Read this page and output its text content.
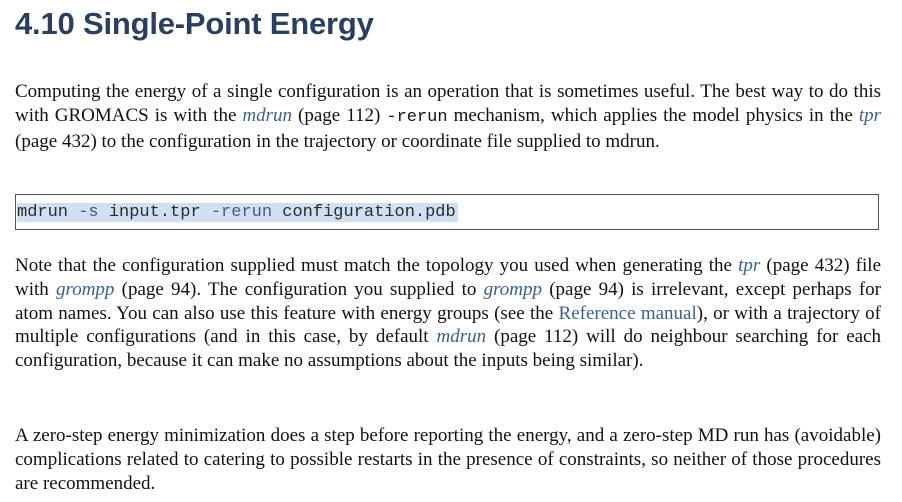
4.10 Single-Point Energy

Computing the energy of a single configuration is an operation that is sometimes useful. The best way to do this with GROMACS is with the mdrun (page 112) -rerun mechanism, which applies the model physics in the tpr (page 432) to the configuration in the trajectory or coordinate file supplied to mdrun.

mdrun -s input.tpr -rerun configuration.pdb

Note that the configuration supplied must match the topology you used when generating the tpr (page 432) file with grompp (page 94). The configuration you supplied to grompp (page 94) is irrelevant, except perhaps for atom names. You can also use this feature with energy groups (see the Reference manual), or with a trajectory of multiple configurations (and in this case, by default mdrun (page 112) will do neighbour searching for each configuration, because it can make no assumptions about the inputs being similar).

A zero-step energy minimization does a step before reporting the energy, and a zero-step MD run has (avoidable) complications related to catering to possible restarts in the presence of constraints, so neither of those procedures are recommended.
